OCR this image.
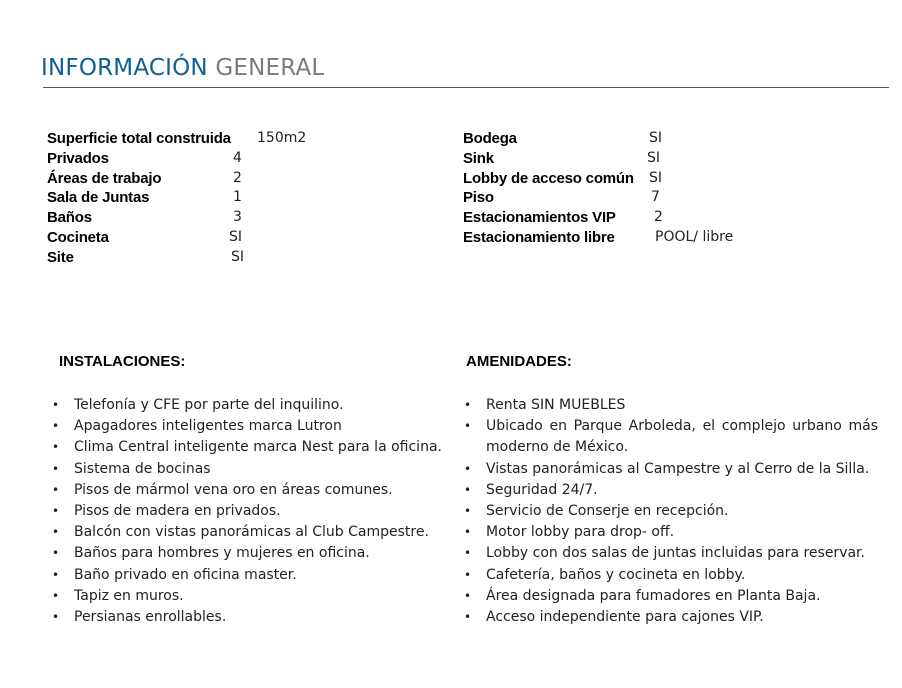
INFORMACIÓN GENERAL
Superficie total construida 150m2
Privados	4
Áreas de trabajo	2
Sala de Juntas	1
Baños	3
Cocineta	SI
Site	SI
Bodega	SI
Sink	SI
Lobby de acceso común SI
Piso	7
Estacionamientos VIP	2
Estacionamiento libre	POOL/ libre
INSTALACIONES:
•	Telefonía y CFE por parte del inquilino.
•	Apagadores inteligentes marca Lutron
•	Clima Central inteligente marca Nest para la oficina.
•	Sistema de bocinas
•	Pisos de mármol vena oro en áreas comunes.
•	Pisos de madera en privados.
•	Balcón con vistas panorámicas al Club Campestre.
•	Baños para hombres y mujeres en oficina.
•	Baño privado en oficina master.
•	Tapiz en muros.
•	Persianas enrollables.
AMENIDADES:
•	Renta SIN MUEBLES
•	Ubicado en Parque Arboleda, el complejo urbano más moderno de México.
•	Vistas panorámicas al Campestre y al Cerro de la Silla.
•	Seguridad 24/7.
•	Servicio de Conserje en recepción.
•	Motor lobby para drop- off.
•	Lobby con dos salas de juntas incluidas para reservar.
•	Cafetería, baños y cocineta en lobby.
•	Área designada para fumadores en Planta Baja.
•	Acceso independiente para cajones VIP.
